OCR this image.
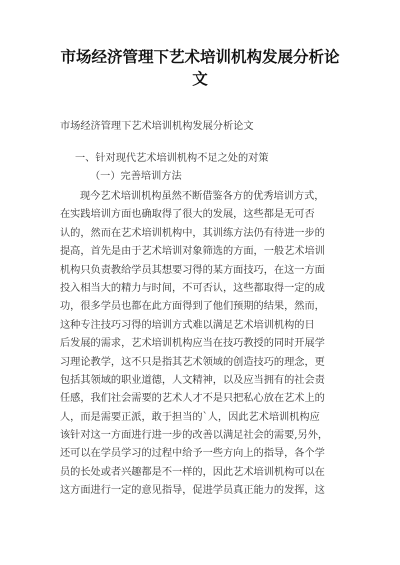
市场经济管理下艺术培训机构发展分析论
文
市场经济管理下艺术培训机构发展分析论文
一、针对现代艺术培训机构不足之处的对策
（一）完善培训方法
现今艺术培训机构虽然不断借鉴各方的优秀培训方式，
在实践培训方面也确取得了很大的发展，这些都是无可否
认的，然而在艺术培训机构中，其训练方法仍有待进一步的
提高，首先是由于艺术培训对象筛选的方面，一般艺术培训
机构只负责教给学员其想要习得的某方面技巧，在这一方面
投入相当大的精力与时间，不可否认，这些都取得一定的成
功，很多学员也都在此方面得到了他们预期的结果，然而，
这种专注技巧习得的培训方式难以满足艺术培训机构的日
后发展的需求，艺术培训机构应当在技巧教授的同时开展学
习理论教学，这不只是指其艺术领域的创造技巧的理念，更
包括其领域的职业道德，人文精神，以及应当拥有的社会责
任感，我们社会需要的艺术人才不是只把私心放在艺术上的
人，而是需要正派，敢于担当的`人，因此艺术培训机构应
该针对这一方面进行进一步的改善以满足社会的需要,另外，
还可以在学员学习的过程中给予一些方向上的指导，各个学
员的长处或者兴趣都是不一样的，因此艺术培训机构可以在
这方面进行一定的意见指导，促进学员真正能力的发挥，这
